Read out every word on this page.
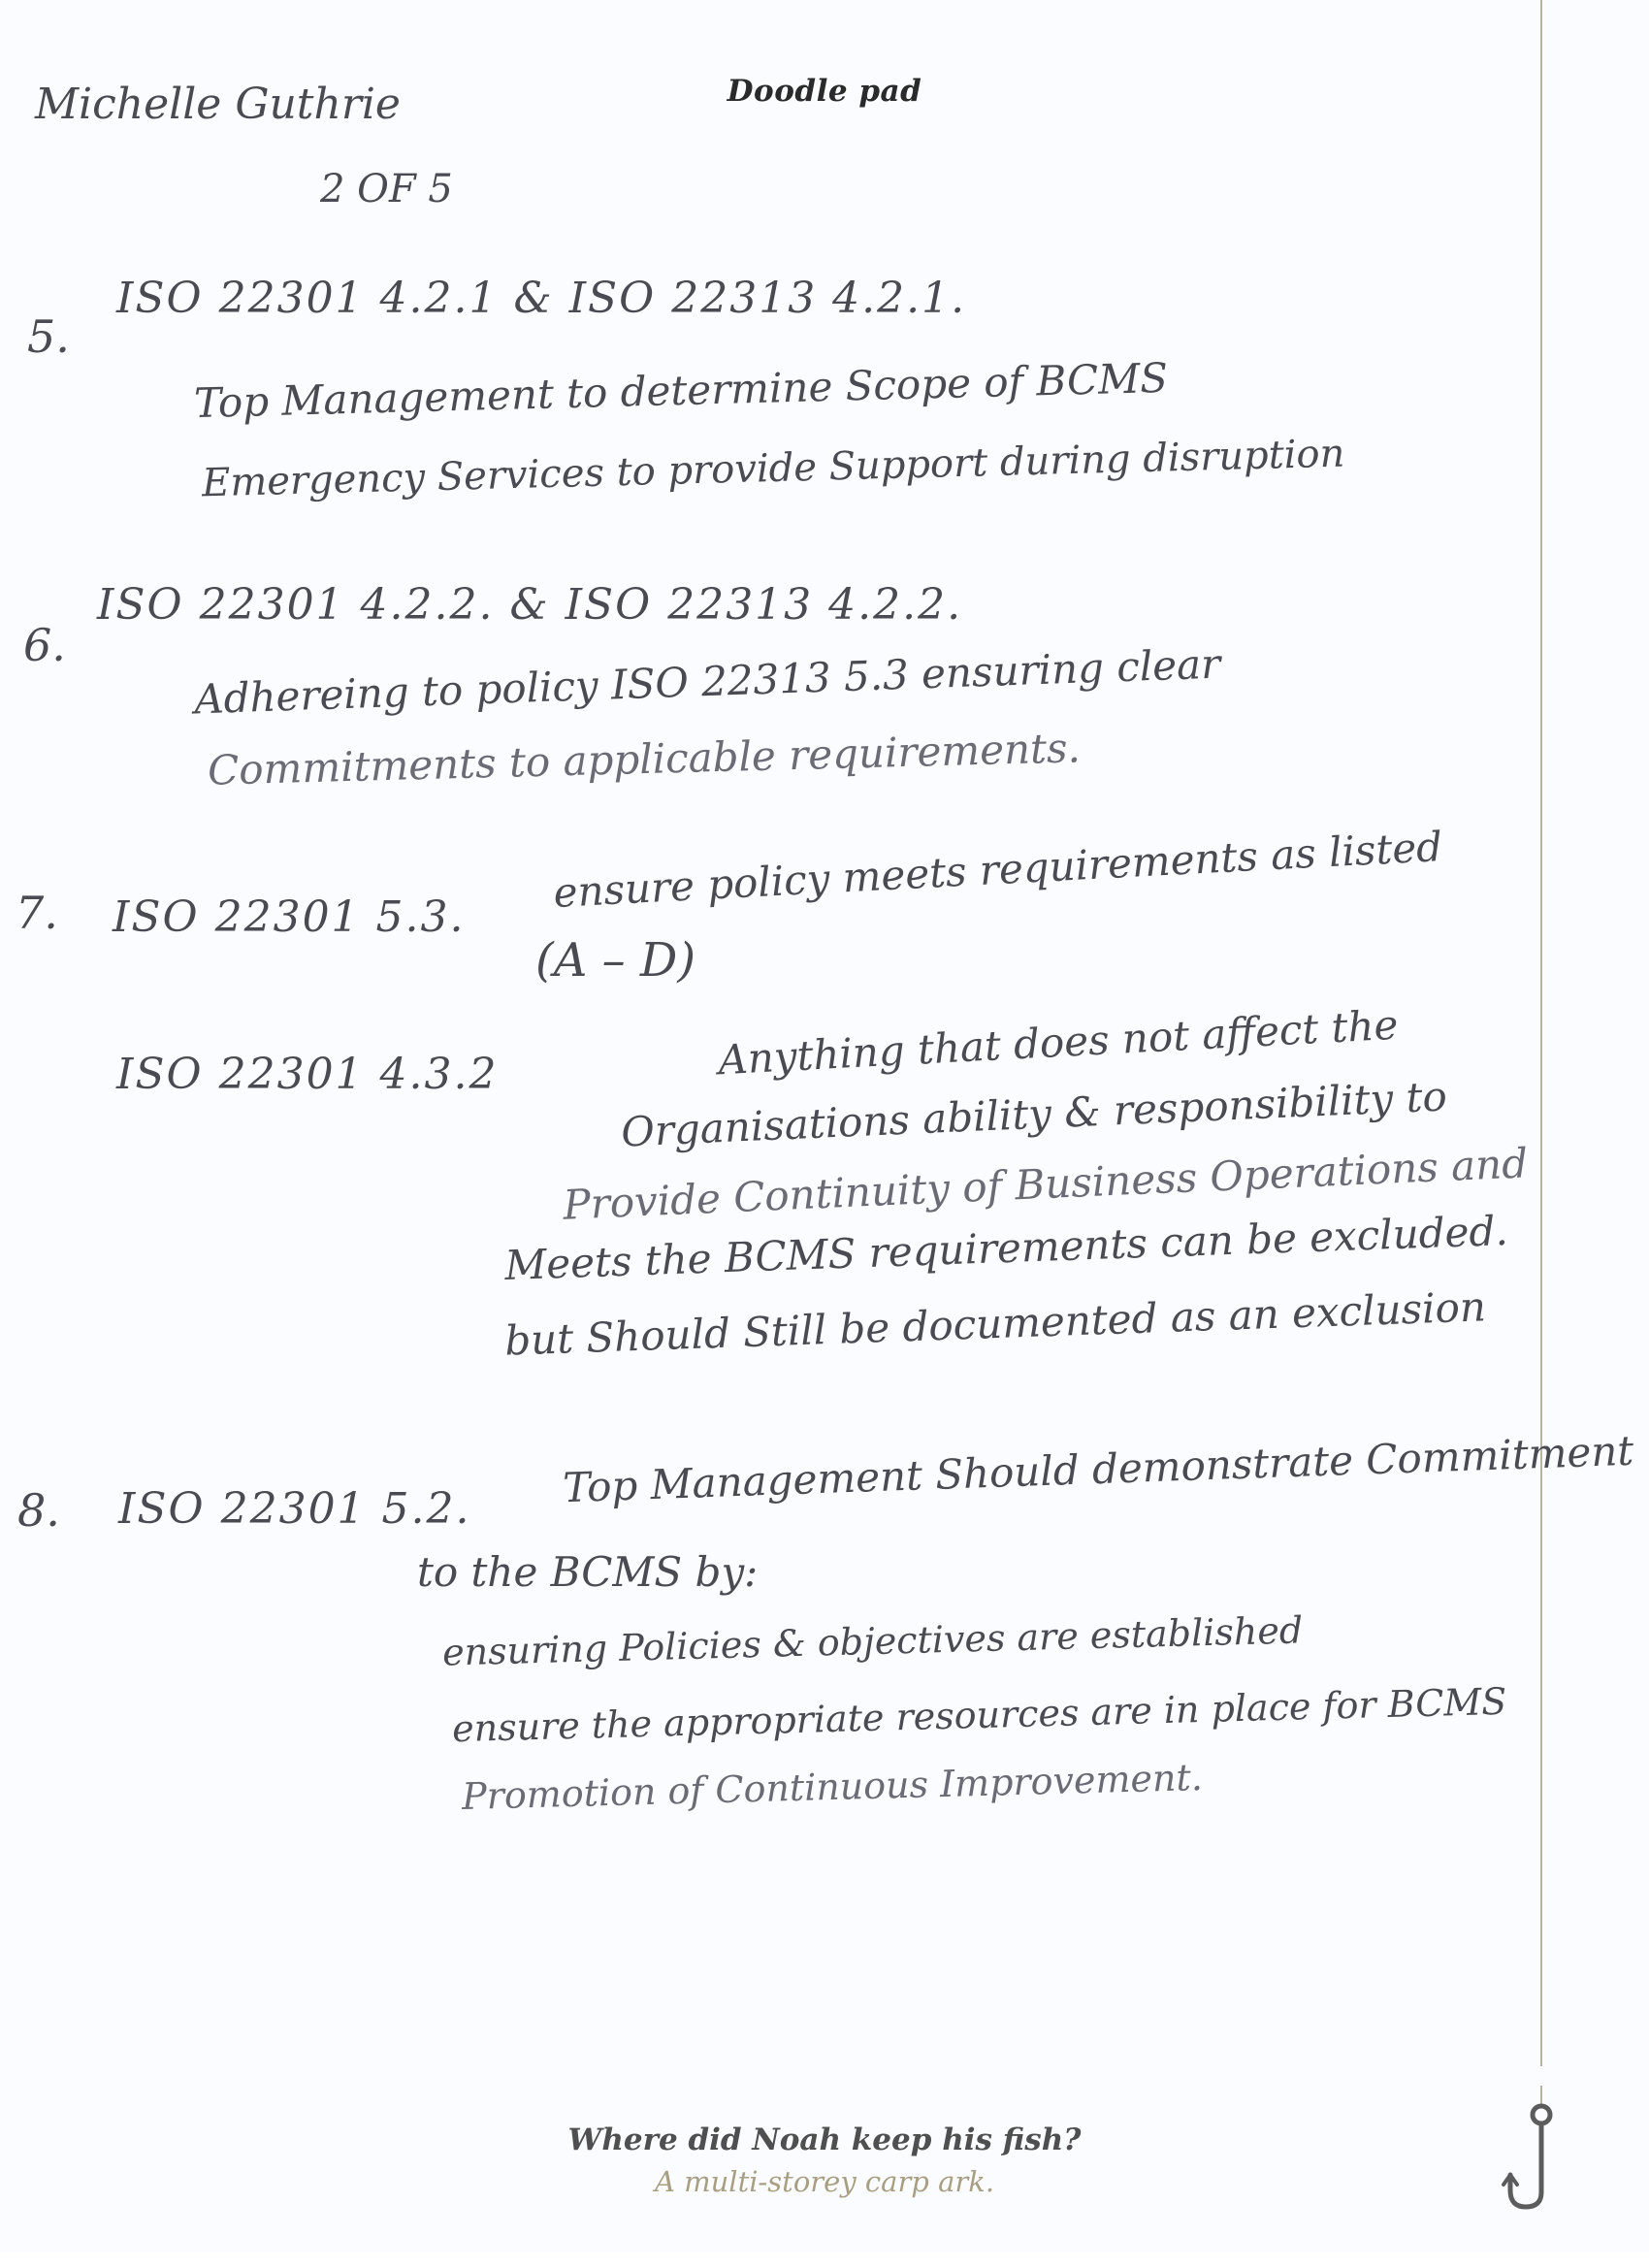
Doodle pad
Michelle Guthrie
2 OF 5
5.
ISO 22301 4.2.1 & ISO 22313 4.2.1.
Top Management to determine Scope of BCMS
Emergency Services to provide Support during disruption
6.
ISO 22301 4.2.2. & ISO 22313 4.2.2.
Adhereing to policy ISO 22313 5.3 ensuring clear
Commitments to applicable requirements.
7. ISO 22301 5.3.
ensure policy meets requirements as listed
(A – D)
ISO 22301 4.3.2	Anything that does not affect the
Organisations ability & responsibility to
Provide Continuity of Business Operations and
Meets the BCMS requirements can be excluded.
but Should Still be documented as an exclusion
8. ISO 22301 5.2. Top Management Should demonstrate Commitment
to the BCMS by:
ensuring Policies & objectives are established
ensure the appropriate resources are in place for BCMS
Promotion of Continuous Improvement.
Where did Noah keep his fish?
A multi-storey carp ark.
